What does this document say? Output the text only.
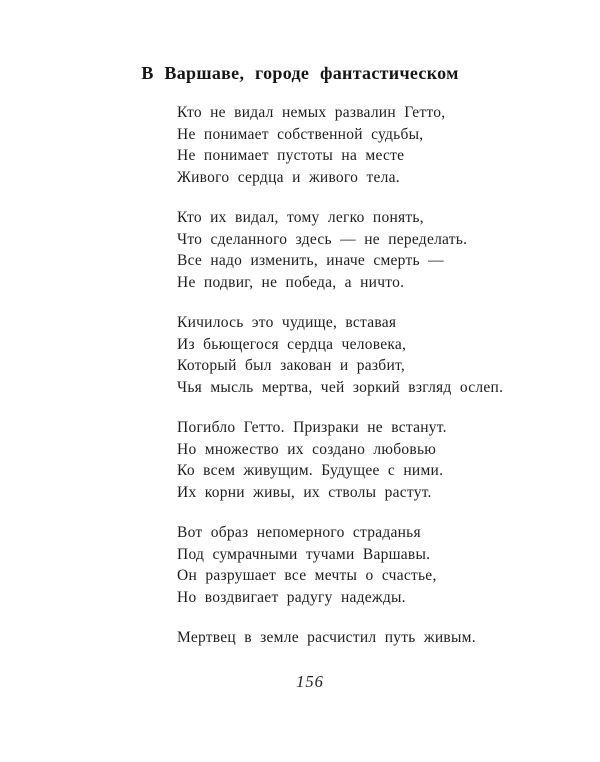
В Варшаве, городе фантастическом
Кто не видал немых развалин Гетто,
Не понимает собственной судьбы,
Не понимает пустоты на месте
Живого сердца и живого тела.
Кто их видал, тому легко понять,
Что сделанного здесь — не переделать.
Все надо изменить, иначе смерть —
Не подвиг, не победа, а ничто.
Кичилось это чудище, вставая
Из бьющегося сердца человека,
Который был закован и разбит,
Чья мысль мертва, чей зоркий взгляд ослеп.
Погибло Гетто. Призраки не встанут.
Но множество их создано любовью
Ко всем живущим. Будущее с ними.
Их корни живы, их стволы растут.
Вот образ непомерного страданья
Под сумрачными тучами Варшавы.
Он разрушает все мечты о счастье,
Но воздвигает радугу надежды.
Мертвец в земле расчистил путь живым.
156
